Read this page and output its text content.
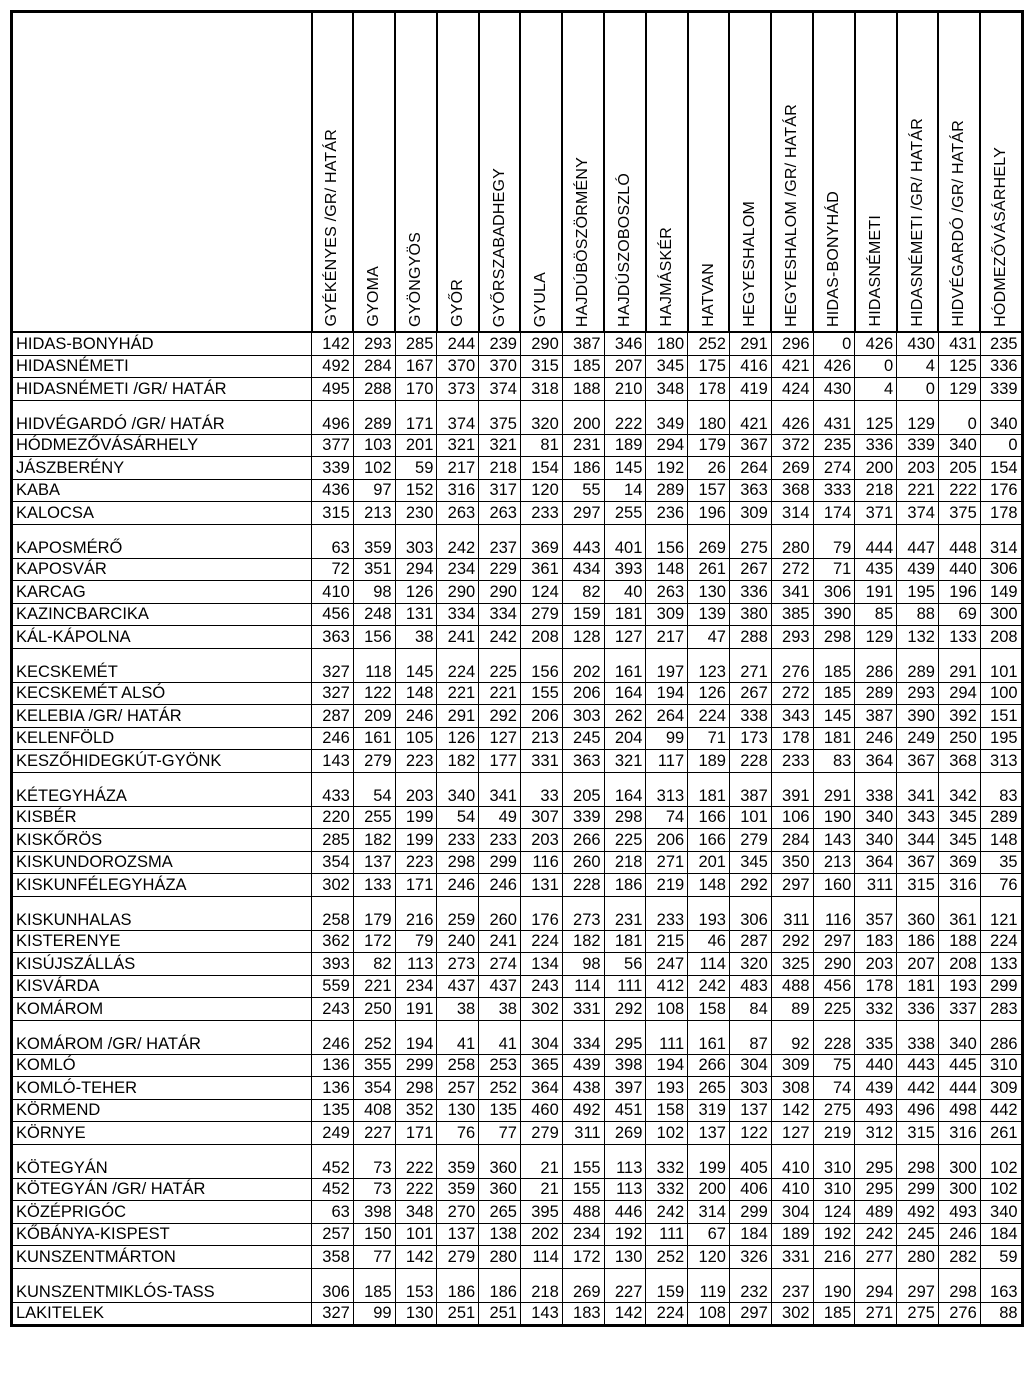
	GYÉKÉNYES /GR/ HATÁR	GYOMA	GYÖNGYÖS	GYŐR	GYŐRSZABADHEGY	GYULA	HAJDÚBÖSZÖRMÉNY	HAJDÚSZOBOSZLÓ	HAJMÁSKÉR	HATVAN	HEGYESHALOM	HEGYESHALOM /GR/ HATÁR	HIDAS-BONYHÁD	HIDASNÉMETI	HIDASNÉMETI /GR/ HATÁR	HIDVÉGARDÓ /GR/ HATÁR	HÓDMEZŐVÁSÁRHELY

HIDAS-BONYHÁD	142	293	285	244	239	290	387	346	180	252	291	296	0	426	430	431	235
HIDASNÉMETI	492	284	167	370	370	315	185	207	345	175	416	421	426	0	4	125	336
HIDASNÉMETI /GR/ HATÁR	495	288	170	373	374	318	188	210	348	178	419	424	430	4	0	129	339
HIDVÉGARDÓ /GR/ HATÁR	496	289	171	374	375	320	200	222	349	180	421	426	431	125	129	0	340
HÓDMEZŐVÁSÁRHELY	377	103	201	321	321	81	231	189	294	179	367	372	235	336	339	340	0
JÁSZBERÉNY	339	102	59	217	218	154	186	145	192	26	264	269	274	200	203	205	154
KABA	436	97	152	316	317	120	55	14	289	157	363	368	333	218	221	222	176
KALOCSA	315	213	230	263	263	233	297	255	236	196	309	314	174	371	374	375	178
KAPOSMÉRŐ	63	359	303	242	237	369	443	401	156	269	275	280	79	444	447	448	314
KAPOSVÁR	72	351	294	234	229	361	434	393	148	261	267	272	71	435	439	440	306
KARCAG	410	98	126	290	290	124	82	40	263	130	336	341	306	191	195	196	149
KAZINCBARCIKA	456	248	131	334	334	279	159	181	309	139	380	385	390	85	88	69	300
KÁL-KÁPOLNA	363	156	38	241	242	208	128	127	217	47	288	293	298	129	132	133	208
KECSKEMÉT	327	118	145	224	225	156	202	161	197	123	271	276	185	286	289	291	101
KECSKEMÉT ALSÓ	327	122	148	221	221	155	206	164	194	126	267	272	185	289	293	294	100
KELEBIA /GR/ HATÁR	287	209	246	291	292	206	303	262	264	224	338	343	145	387	390	392	151
KELENFÖLD	246	161	105	126	127	213	245	204	99	71	173	178	181	246	249	250	195
KESZŐHIDEGKÚT-GYÖNK	143	279	223	182	177	331	363	321	117	189	228	233	83	364	367	368	313
KÉTEGYHÁZA	433	54	203	340	341	33	205	164	313	181	387	391	291	338	341	342	83
KISBÉR	220	255	199	54	49	307	339	298	74	166	101	106	190	340	343	345	289
KISKŐRÖS	285	182	199	233	233	203	266	225	206	166	279	284	143	340	344	345	148
KISKUNDOROZSMA	354	137	223	298	299	116	260	218	271	201	345	350	213	364	367	369	35
KISKUNFÉLEGYHÁZA	302	133	171	246	246	131	228	186	219	148	292	297	160	311	315	316	76
KISKUNHALAS	258	179	216	259	260	176	273	231	233	193	306	311	116	357	360	361	121
KISTERENYE	362	172	79	240	241	224	182	181	215	46	287	292	297	183	186	188	224
KISÚJSZÁLLÁS	393	82	113	273	274	134	98	56	247	114	320	325	290	203	207	208	133
KISVÁRDA	559	221	234	437	437	243	114	111	412	242	483	488	456	178	181	193	299
KOMÁROM	243	250	191	38	38	302	331	292	108	158	84	89	225	332	336	337	283
KOMÁROM /GR/ HATÁR	246	252	194	41	41	304	334	295	111	161	87	92	228	335	338	340	286
KOMLÓ	136	355	299	258	253	365	439	398	194	266	304	309	75	440	443	445	310
KOMLÓ-TEHER	136	354	298	257	252	364	438	397	193	265	303	308	74	439	442	444	309
KÖRMEND	135	408	352	130	135	460	492	451	158	319	137	142	275	493	496	498	442
KÖRNYE	249	227	171	76	77	279	311	269	102	137	122	127	219	312	315	316	261
KÖTEGYÁN	452	73	222	359	360	21	155	113	332	199	405	410	310	295	298	300	102
KÖTEGYÁN /GR/ HATÁR	452	73	222	359	360	21	155	113	332	200	406	410	310	295	299	300	102
KÖZÉPRIGÓC	63	398	348	270	265	395	488	446	242	314	299	304	124	489	492	493	340
KŐBÁNYA-KISPEST	257	150	101	137	138	202	234	192	111	67	184	189	192	242	245	246	184
KUNSZENTMÁRTON	358	77	142	279	280	114	172	130	252	120	326	331	216	277	280	282	59
KUNSZENTMIKLÓS-TASS	306	185	153	186	186	218	269	227	159	119	232	237	190	294	297	298	163
LAKITELEK	327	99	130	251	251	143	183	142	224	108	297	302	185	271	275	276	88
